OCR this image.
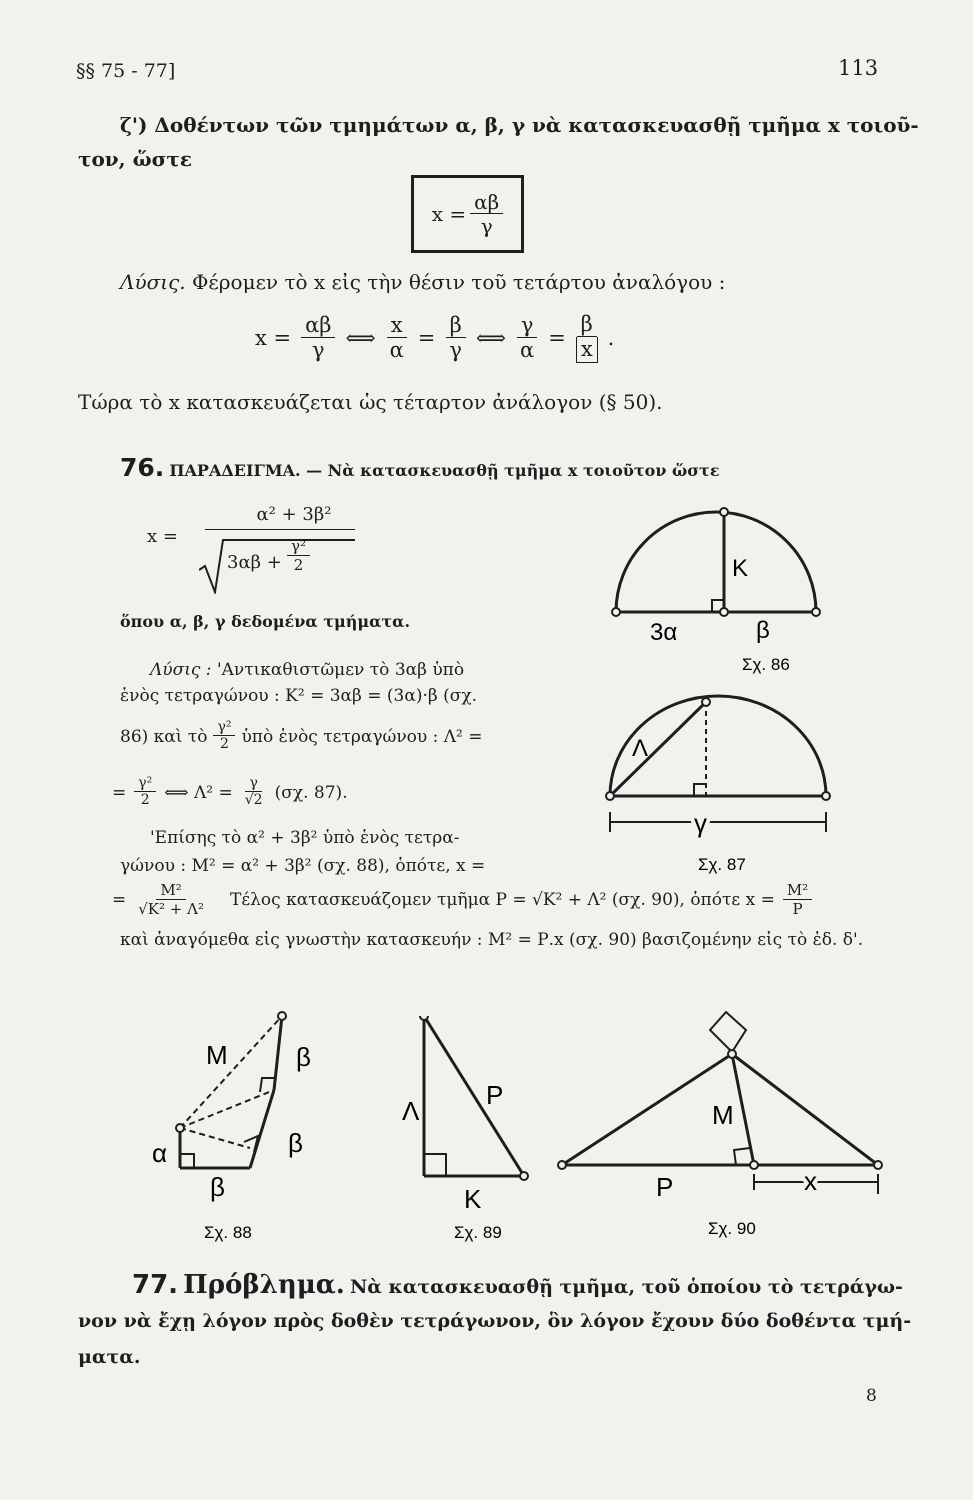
§§ 75 - 77]	113
ζ') Δοθέντων τῶν τμημάτων α, β, γ νὰ κατασκευασθῇ τμῆμα x τοιοῦ-
τον, ὥστε
$x = \frac{\alpha\beta}{\gamma}$
Λύσις. Φέρομεν τὸ x εἰς τὴν θέσιν τοῦ τετάρτου ἀναλόγου :
$x = \frac{\alpha\beta}{\gamma}$ ⟺ $\frac{x}{\alpha} = \frac{\beta}{\gamma}$ ⟺ $\frac{\gamma}{\alpha} = \frac{\beta}{x}$ .
Τώρα τὸ x κατασκευάζεται ὡς τέταρτον ἀνάλογον (§ 50).
76. ΠΑΡΑΔΕΙΓΜΑ. — Νὰ κατασκευασθῇ τμῆμα x τοιοῦτον ὥστε
x =
α² + 3β²
$3\alpha\beta + \frac{\text{γ²}}{2}$
ὅπου α, β, γ δεδομένα τμήματα.
Λύσις : 'Αντικαθιστῶμεν τὸ 3αβ ὑπὸ
ἑνὸς τετραγώνου : Κ² = 3αβ = (3α)·β (σχ.
86) καὶ τὸ $\frac{\text{γ²}}{2}$ ὑπὸ ἑνὸς τετραγώνου : Λ² =
= $\frac{\text{γ²}}{2}$ ⟺ $\Lambda^2 = \frac{\gamma}{√2} (\sigma\chi$. 87).
'Επίσης τὸ α² + 3β² ὑπὸ ἑνὸς τετρα-
γώνου : Μ² = α² + 3β² (σχ. 88), ὁπότε, x =
= $\frac{\text{Μ²}}{\text{√Κ² + Λ²}}$ Τέλος κατασκευάζομεν τμῆμα Ρ = √Κ² + Λ² (σχ. 90), ὁπότε $x = \frac{\text{Μ²}}{P}$
καὶ ἀναγόμεθα εἰς γνωστὴν κατασκευήν : Μ² = Ρ.x (σχ. 90) βασιζομένην εἰς τὸ ἐδ. δ'.
Κ
3α	β
Σχ. 86
Λ
γ
Σχ. 87
Μ	β
β
β
α
Σχ. 88
Λ
Ρ
Κ
Σχ. 89
Μ
Ρ	x
Σχ. 90
77. Πρόβλημα. Νὰ κατασκευασθῇ τμῆμα, τοῦ ὁποίου τὸ τετράγω-
νον νὰ ἔχῃ λόγον πρὸς δοθὲν τετράγωνον, ὃν λόγον ἔχουν δύο δοθέντα τμή-
ματα.
8
